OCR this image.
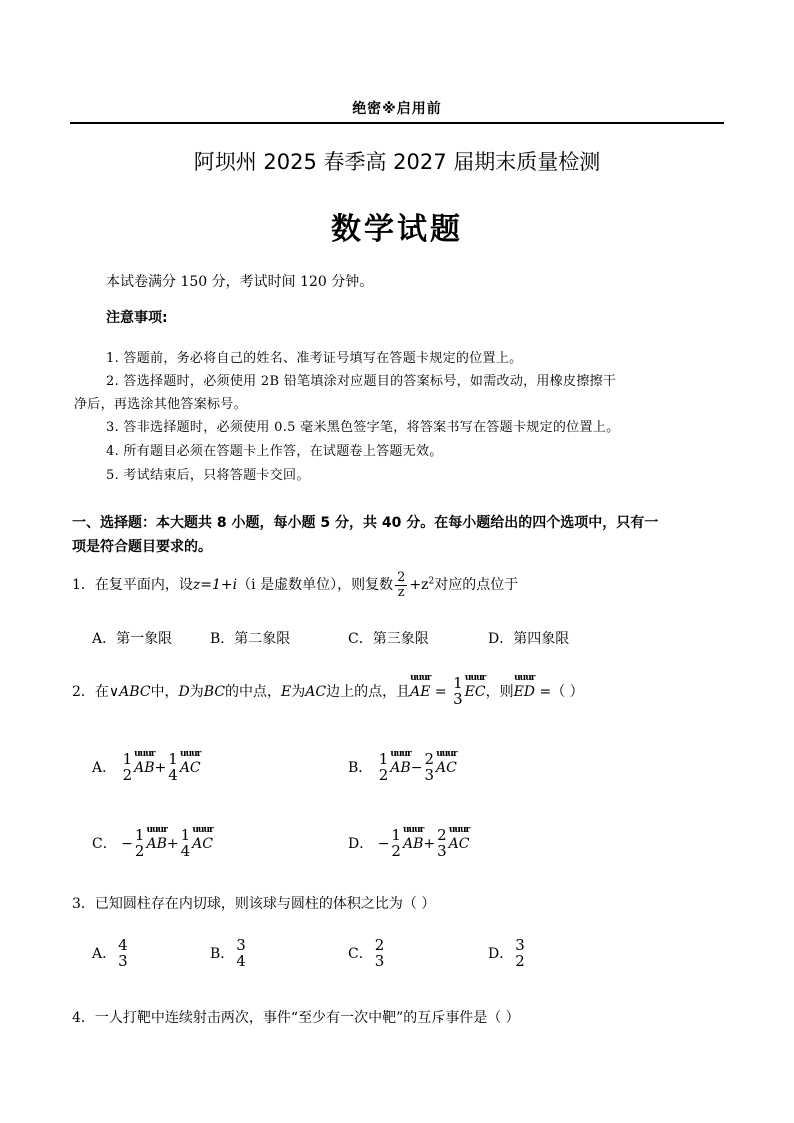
绝密※启用前
阿坝州 2025 春季高 2027 届期末质量检测
数学试题
本试卷满分 150 分，考试时间 120 分钟。
注意事项:
1. 答题前，务必将自己的姓名、准考证号填写在答题卡规定的位置上。
2. 答选择题时，必须使用 2B 铅笔填涂对应题目的答案标号，如需改动，用橡皮擦擦干
净后，再选涂其他答案标号。
3. 答非选择题时，必须使用 0.5 毫米黑色签字笔，将答案书写在答题卡规定的位置上。
4. 所有题目必须在答题卡上作答，在试题卷上答题无效。
5. 考试结束后，只将答题卡交回。
一、选择题：本大题共 8 小题，每小题 5 分，共 40 分。在每小题给出的四个选项中，只有一
项是符合题目要求的。
1．在复平面内，设z=1+i（i 是虚数单位），则复数 $\frac{2}{z} +z^2$对应的点位于
A．第一象限	B．第二象限	C．第三象限	D．第四象限
2．在∨ABC中，D为BC的中点，E为AC边上的点，且uuur AE = 1
3 uuur EC，则uuur ED =（ ）
A． 1
2 uuur AB+ 1
4 uuur AC	B． 1
2 uuur AB− 2
3 uuur AC
C． − 1
2 uuur AB+ 1
4 uuur AC	D． − 1
2 uuur AB+ 2
3 uuur AC
3．已知圆柱存在内切球，则该球与圆柱的体积之比为（ ）
A． 4
3	B． 3
4	C． 2
3	D． 3
2
4．一人打靶中连续射击两次，事件“至少有一次中靶”的互斥事件是（ ）
